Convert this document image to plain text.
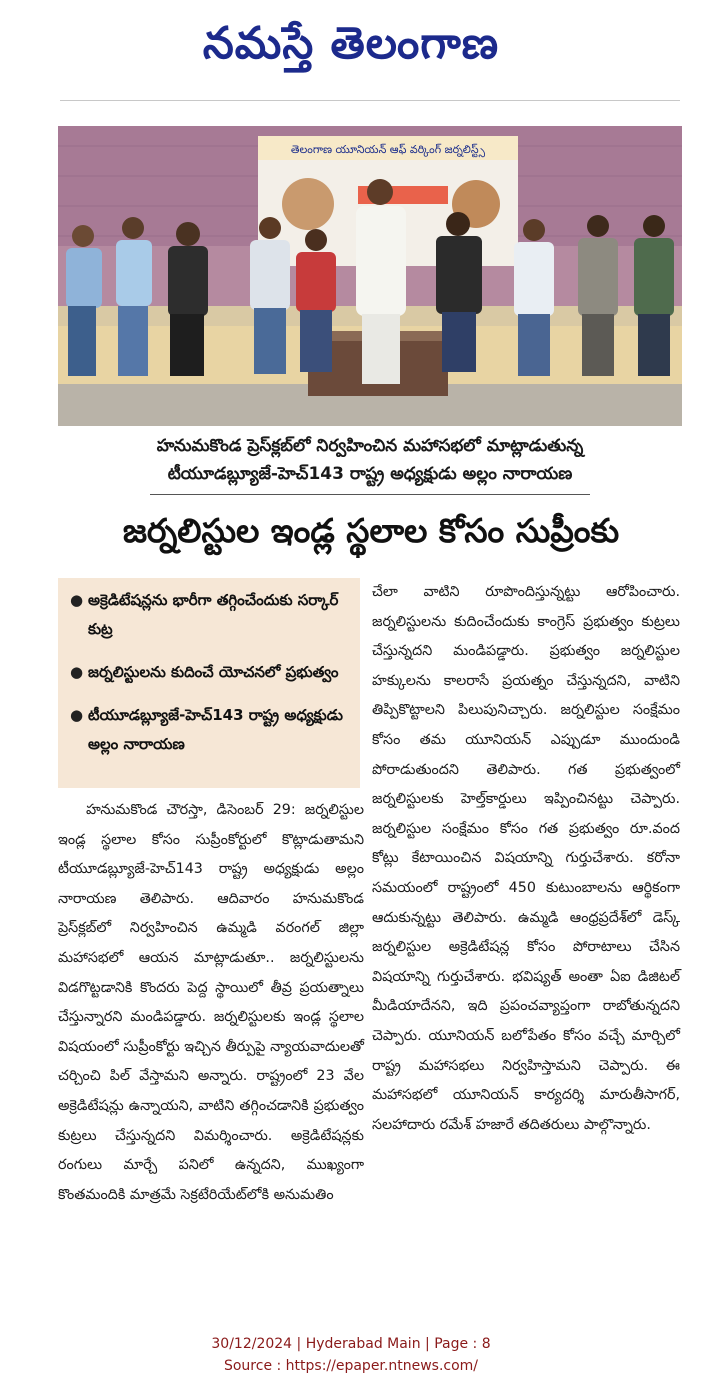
నమస్తే తెలంగాణ
తెలంగాణ యూనియన్ ఆఫ్ వర్కింగ్ జర్నలిస్ట్స్
హనుమకొండ ప్రెస్‌క్లబ్‌లో నిర్వహించిన మహాసభలో మాట్లాడుతున్న
టీయూడబ్ల్యూజే-హెచ్143 రాష్ట్ర అధ్యక్షుడు అల్లం నారాయణ
జర్నలిస్టుల ఇండ్ల స్థలాల కోసం సుప్రీంకు
● అక్రెడిటేషన్లను భారీగా తగ్గించేందుకు సర్కార్ కుట్ర
● జర్నలిస్టులను కుదించే యోచనలో ప్రభుత్వం
● టీయూడబ్ల్యూజే-హెచ్143 రాష్ట్ర అధ్యక్షుడు అల్లం నారాయణ
హనుమకొండ చౌరస్తా, డిసెంబర్ 29: జర్నలిస్టుల ఇండ్ల స్థలాల కోసం సుప్రీంకోర్టులో కొట్లాడుతామని టీయూడబ్ల్యూజే-హెచ్143 రాష్ట్ర అధ్యక్షుడు అల్లం నారాయణ తెలిపారు. ఆదివారం హనుమకొండ ప్రెస్‌క్లబ్‌లో నిర్వహించిన ఉమ్మడి వరంగల్ జిల్లా మహాసభలో ఆయన మాట్లాడుతూ.. జర్నలిస్టులను విడగొట్టడానికి కొందరు పెద్ద స్థాయిలో తీవ్ర ప్రయత్నాలు చేస్తున్నారని మండిపడ్డారు. జర్నలిస్టులకు ఇండ్ల స్థలాల విషయంలో సుప్రీంకోర్టు ఇచ్చిన తీర్పుపై న్యాయవాదులతో చర్చించి పిల్ వేస్తామని అన్నారు. రాష్ట్రంలో 23 వేల అక్రెడిటేషన్లు ఉన్నాయని, వాటిని తగ్గించడానికి ప్రభుత్వం కుట్రలు చేస్తున్నదని విమర్శించారు. అక్రెడిటేషన్లకు రంగులు మార్చే పనిలో ఉన్నదని, ముఖ్యంగా కొంతమందికి మాత్రమే సెక్రటేరియేట్‌లోకి అనుమతిం
చేలా వాటిని రూపొందిస్తున్నట్టు ఆరోపించారు. జర్నలిస్టులను కుదించేందుకు కాంగ్రెస్ ప్రభుత్వం కుట్రలు చేస్తున్నదని మండిపడ్డారు. ప్రభుత్వం జర్నలిస్టుల హక్కులను కాలరాసే ప్రయత్నం చేస్తున్నదని, వాటిని తిప్పికొట్టాలని పిలుపునిచ్చారు. జర్నలిస్టుల సంక్షేమం కోసం తమ యూనియన్ ఎప్పుడూ ముందుండి పోరాడుతుందని తెలిపారు. గత ప్రభుత్వంలో జర్నలిస్టులకు హెల్త్‌కార్డులు ఇప్పించినట్టు చెప్పారు. జర్నలిస్టుల సంక్షేమం కోసం గత ప్రభుత్వం రూ.వంద కోట్లు కేటాయించిన విషయాన్ని గుర్తుచేశారు. కరోనా సమయంలో రాష్ట్రంలో 450 కుటుంబాలను ఆర్థికంగా ఆదుకున్నట్టు తెలిపారు. ఉమ్మడి ఆంధ్రప్రదేశ్‌లో డెస్క్ జర్నలిస్టుల అక్రెడిటేషన్ల కోసం పోరాటాలు చేసిన విషయాన్ని గుర్తుచేశారు. భవిష్యత్ అంతా ఏఐ డిజిటల్ మీడియాదేనని, ఇది ప్రపంచవ్యాప్తంగా రాబోతున్నదని చెప్పారు. యూనియన్ బలోపేతం కోసం వచ్చే మార్చిలో రాష్ట్ర మహాసభలు నిర్వహిస్తామని చెప్పారు. ఈ మహాసభలో యూనియన్ కార్యదర్శి మారుతీసాగర్, సలహాదారు రమేశ్ హజారే తదితరులు పాల్గొన్నారు.
30/12/2024 | Hyderabad Main | Page : 8
Source : https://epaper.ntnews.com/
